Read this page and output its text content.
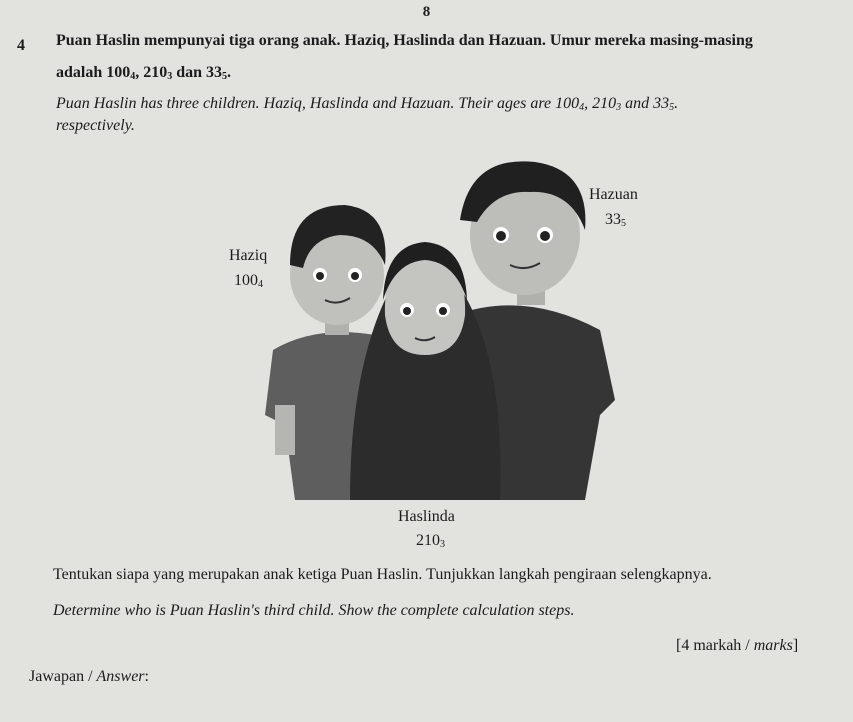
8
4 Puan Haslin mempunyai tiga orang anak. Haziq, Haslinda dan Hazuan. Umur mereka masing-masing
adalah $100_4$, $210_3$ dan $33_5$.
Puan Haslin has three children. Haziq, Haslinda and Hazuan. Their ages are $100_4$, $210_3$ and $33_5$.
respectively.
Hazuan
$33_5$
Haziq
$100_4$
Haslinda
$210_3$
Tentukan siapa yang merupakan anak ketiga Puan Haslin. Tunjukkan langkah pengiraan selengkapnya.
Determine who is Puan Haslin's third child. Show the complete calculation steps.
[4 markah / marks]
Jawapan / Answer:
